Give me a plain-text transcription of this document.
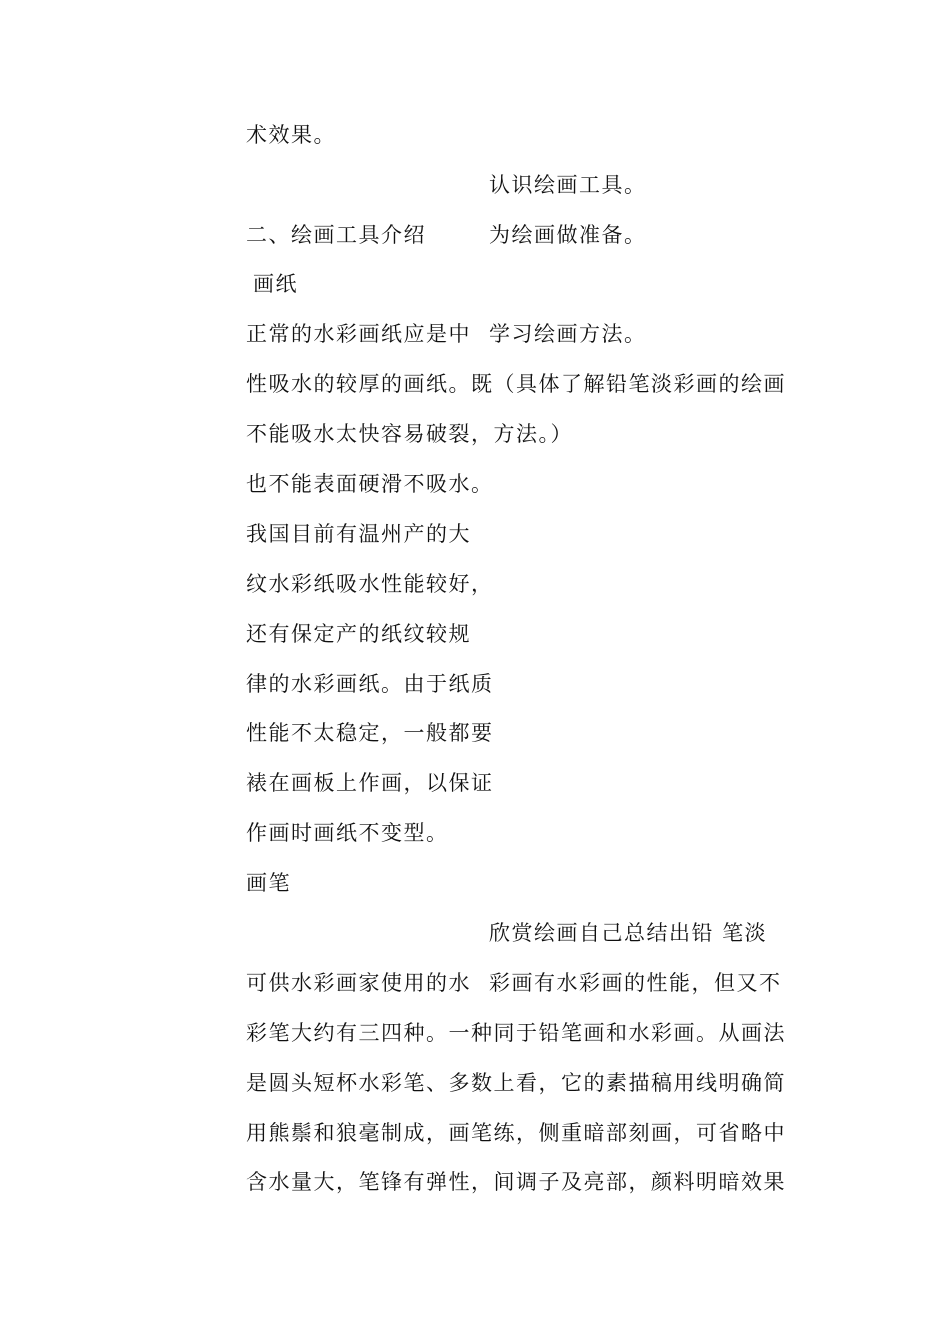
术效果。
认识绘画工具。
二、绘画工具介绍	为绘画做准备。
画纸
正常的水彩画纸应是中 学习绘画方法。
性吸水的较厚的画纸。既（具体了解铅笔淡彩画的绘画
不能吸水太快容易破裂，方法。）
也不能表面硬滑不吸水。
我国目前有温州产的大
纹水彩纸吸水性能较好，
还有保定产的纸纹较规
律的水彩画纸。由于纸质
性能不太稳定，一般都要
裱在画板上作画，以保证
作画时画纸不变型。
画笔
欣赏绘画自己总结出铅 笔淡
可供水彩画家使用的水 彩画有水彩画的性能，但又不
彩笔大约有三四种。一种同于铅笔画和水彩画。从画法
是圆头短杯水彩笔、多数上看，它的素描稿用线明确简
用熊鬃和狼毫制成，画笔练，侧重暗部刻画，可省略中
含水量大，笔锋有弹性，间调子及亮部，颜料明暗效果
